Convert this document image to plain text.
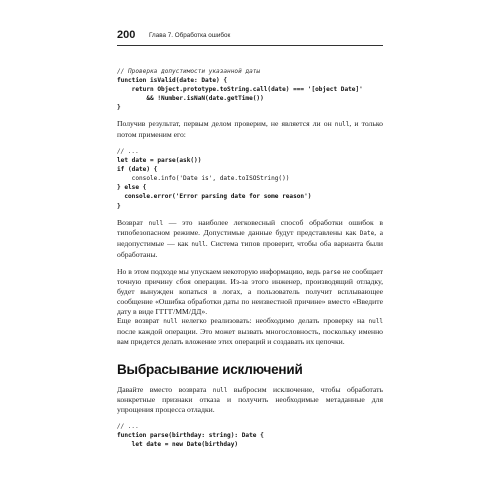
200 Глава 7. Обработка ошибок
// Проверка допустимости указанной даты
function isValid(date: Date) {
return Object.prototype.toString.call(date) === '[object Date]'
&& !Number.isNaN(date.getTime())
}

Получив результат, первым делом проверим, не является ли он null, и только потом применим его:

// ...
let date = parse(ask())
if (date) {
console.info('Date is', date.toISOString())
} else {
console.error('Error parsing date for some reason')
}

Возврат null — это наиболее легковесный способ обработки ошибок в типобезопасном режиме. Допустимые данные будут представлены как Date, а недопустимые — как null. Система типов проверит, чтобы оба варианта были обработаны.

Но в этом подходе мы упускаем некоторую информацию, ведь parse не сообщает точную причину сбоя операции. Из-за этого инженер, производящий отладку, будет вынужден копаться в логах, а пользователь получит всплывающее сообщение «Ошибка обработки даты по неизвестной причине» вместо «Введите дату в виде ГГГГ/ММ/ДД».

Еще возврат null нелегко реализовать: необходимо делать проверку на null после каждой операции. Это может вызвать многословность, поскольку именно вам придется делать вложение этих операций и создавать их цепочки.

Выбрасывание исключений

Давайте вместо возврата null выбросим исключение, чтобы обработать конкретные признаки отказа и получить необходимые метаданные для упрощения процесса отладки.

// ...
function parse(birthday: string): Date {
let date = new Date(birthday)
